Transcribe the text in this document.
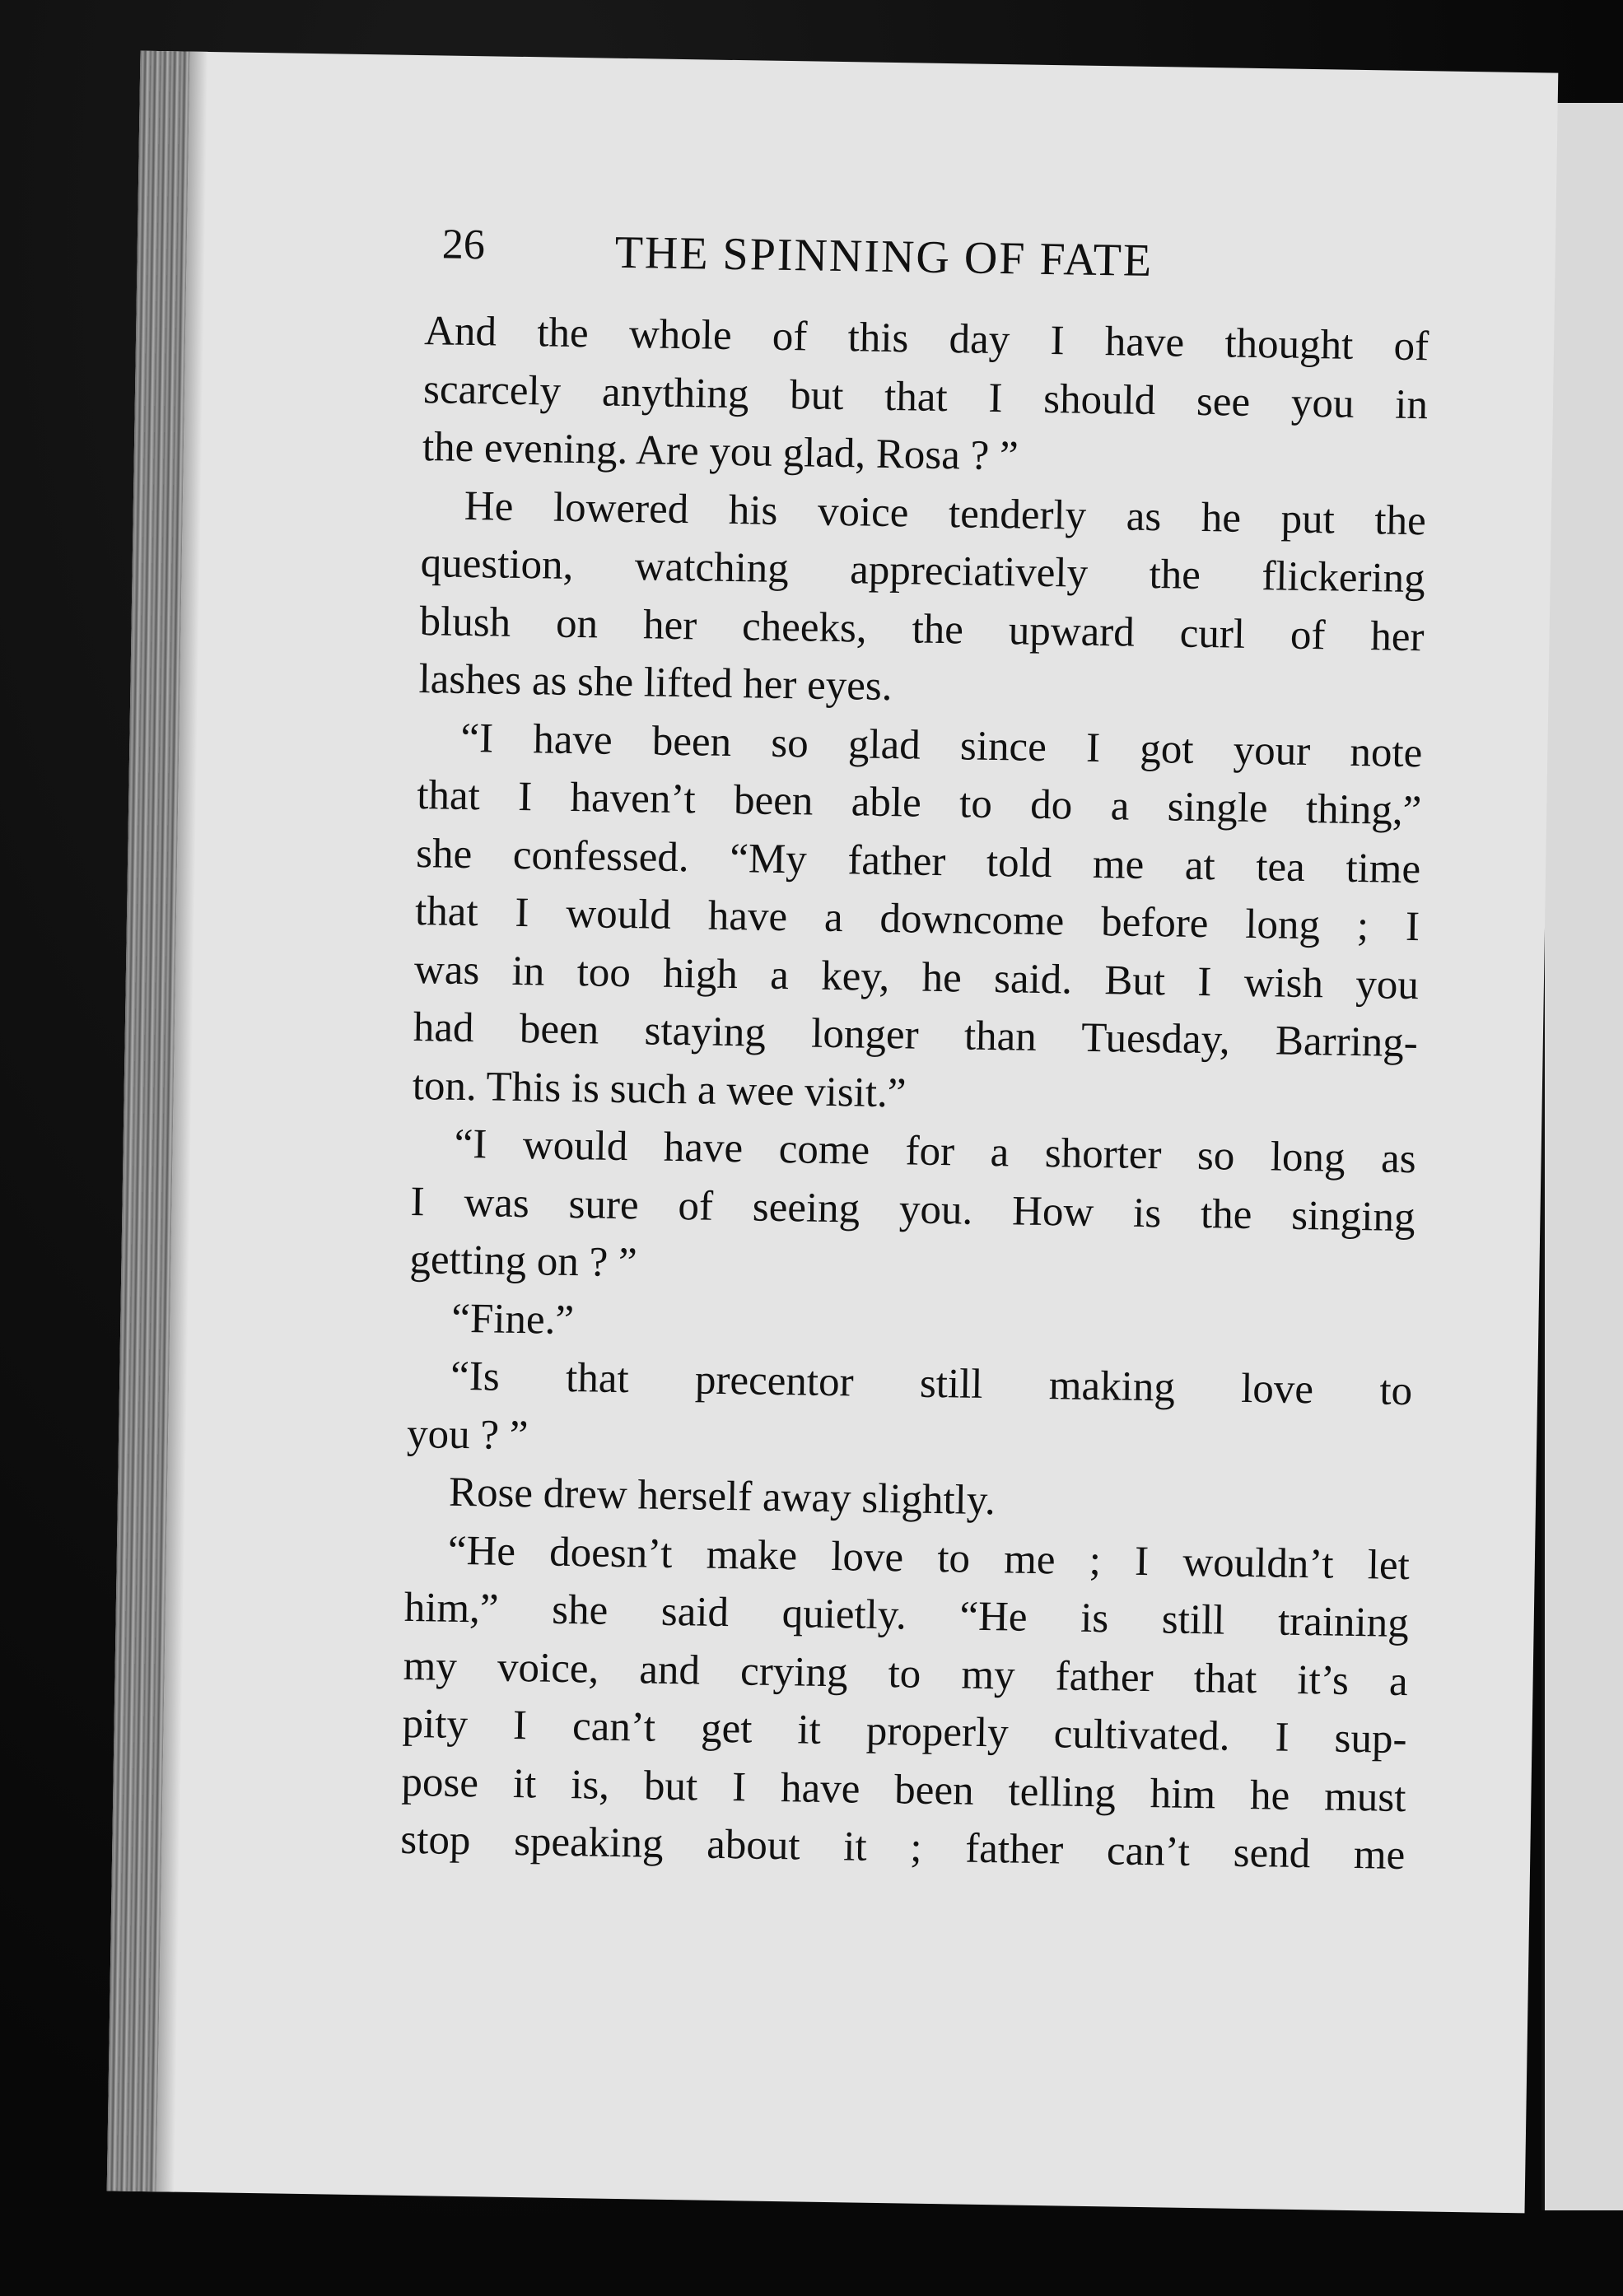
26	THE SPINNING OF FATE
And the whole of this day I have thought of
scarcely anything but that I should see you in
the evening. Are you glad, Rosa ? ”
He lowered his voice tenderly as he put the
question, watching appreciatively the flickering
blush on her cheeks, the upward curl of her
lashes as she lifted her eyes.
“I have been so glad since I got your note
that I haven’t been able to do a single thing,”
she confessed. “My father told me at tea time
that I would have a downcome before long ; I
was in too high a key, he said. But I wish you
had been staying longer than Tuesday, Barring-
ton. This is such a wee visit.”
“I would have come for a shorter so long as
I was sure of seeing you. How is the singing
getting on ? ”
“Fine.”
“Is that precentor still making love to
you ? ”
Rose drew herself away slightly.
“He doesn’t make love to me ; I wouldn’t let
him,” she said quietly. “He is still training
my voice, and crying to my father that it’s a
pity I can’t get it properly cultivated. I sup-
pose it is, but I have been telling him he must
stop speaking about it ; father can’t send me
